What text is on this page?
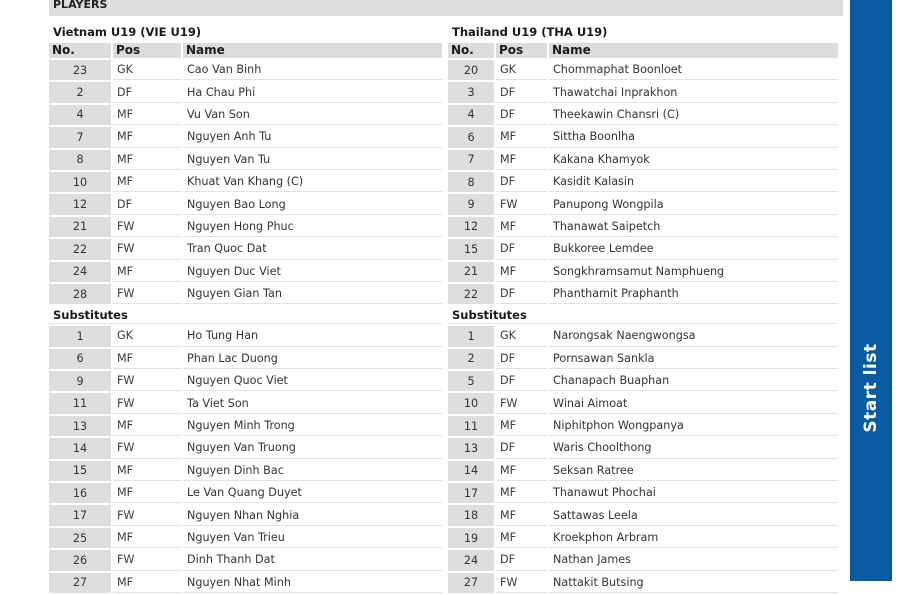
PLAYERS
Vietnam U19 (VIE U19)
No.	Pos	Name
23	GK	Cao Van Binh
2	DF	Ha Chau Phi
4	MF	Vu Van Son
7	MF	Nguyen Anh Tu
8	MF	Nguyen Van Tu
10	MF	Khuat Van Khang (C)
12	DF	Nguyen Bao Long
21	FW	Nguyen Hong Phuc
22	FW	Tran Quoc Dat
24	MF	Nguyen Duc Viet
28	FW	Nguyen Gian Tan
Substitutes		
1	GK	Ho Tung Han
6	MF	Phan Lac Duong
9	FW	Nguyen Quoc Viet
11	FW	Ta Viet Son
13	MF	Nguyen Minh Trong
14	FW	Nguyen Van Truong
15	MF	Nguyen Dinh Bac
16	MF	Le Van Quang Duyet
17	FW	Nguyen Nhan Nghia
25	MF	Nguyen Van Trieu
26	FW	Dinh Thanh Dat
27	MF	Nguyen Nhat Minh
Thailand U19 (THA U19)
No.	Pos	Name
20	GK	Chommaphat Boonloet
3	DF	Thawatchai Inprakhon
4	DF	Theekawin Chansri (C)
6	MF	Sittha Boonlha
7	MF	Kakana Khamyok
8	DF	Kasidit Kalasin
9	FW	Panupong Wongpila
12	MF	Thanawat Saipetch
15	DF	Bukkoree Lemdee
21	MF	Songkhramsamut Namphueng
22	DF	Phanthamit Praphanth
Substitutes		
1	GK	Narongsak Naengwongsa
2	DF	Pornsawan Sankla
5	DF	Chanapach Buaphan
10	FW	Winai Aimoat
11	MF	Niphitphon Wongpanya
13	DF	Waris Choolthong
14	MF	Seksan Ratree
17	MF	Thanawut Phochai
18	MF	Sattawas Leela
19	MF	Kroekphon Arbram
24	DF	Nathan James
27	FW	Nattakit Butsing
Start list
